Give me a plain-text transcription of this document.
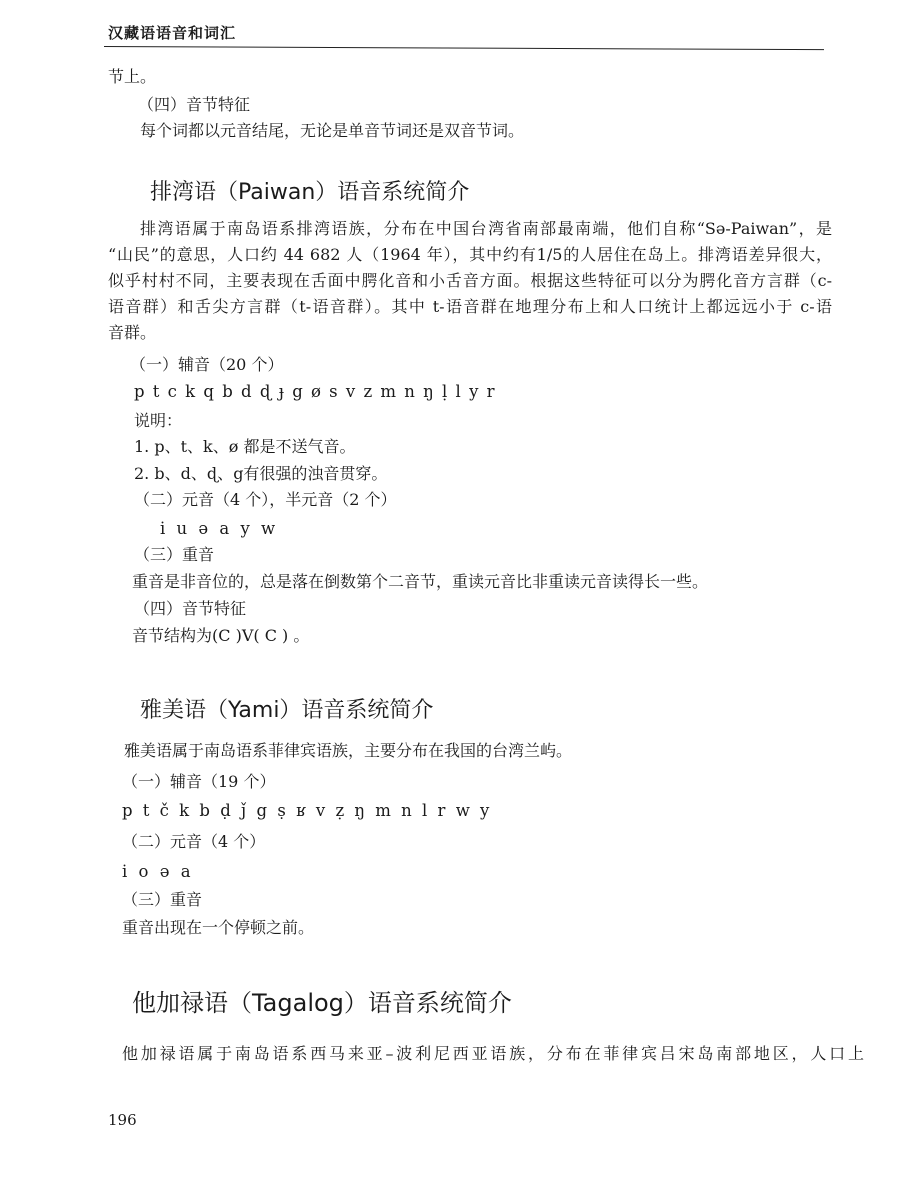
汉藏语语音和词汇
节上。
（四）音节特征
每个词都以元音结尾，无论是单音节词还是双音节词。
排湾语（Paiwan）语音系统简介
排湾语属于南岛语系排湾语族，分布在中国台湾省南部最南端，他们自称“Sə-Paiwan”，是
“山民”的意思，人口约 44 682 人（1964 年），其中约有1/5的人居住在岛上。排湾语差异很大，
似乎村村不同，主要表现在舌面中腭化音和小舌音方面。根据这些特征可以分为腭化音方言群（c-
语音群）和舌尖方言群（t-语音群）。其中 t-语音群在地理分布上和人口统计上都远远小于 c-语
音群。
（一）辅音（20 个）
p t c k q b d ɖ ɟ g ø s v z m n ŋ ḷ l y r
说明：
1. p、t、k、ø 都是不送气音。
2. b、d、ɖ、g有很强的浊音贯穿。
（二）元音（4 个），半元音（2 个）
i u ə a y w
（三）重音
重音是非音位的，总是落在倒数第个二音节，重读元音比非重读元音读得长一些。
（四）音节特征
音节结构为(C )V( C ) 。
雅美语（Yami）语音系统简介
雅美语属于南岛语系菲律宾语族，主要分布在我国的台湾兰屿。
（一）辅音（19 个）
p t č k b ḍ ǰ g ṣ ʁ v ẓ ŋ m n l r w y
（二）元音（4 个）
i o ə a
（三）重音
重音出现在一个停顿之前。
他加禄语（Tagalog）语音系统简介
他加禄语属于南岛语系西马来亚–波利尼西亚语族，分布在菲律宾吕宋岛南部地区，人口上
196
